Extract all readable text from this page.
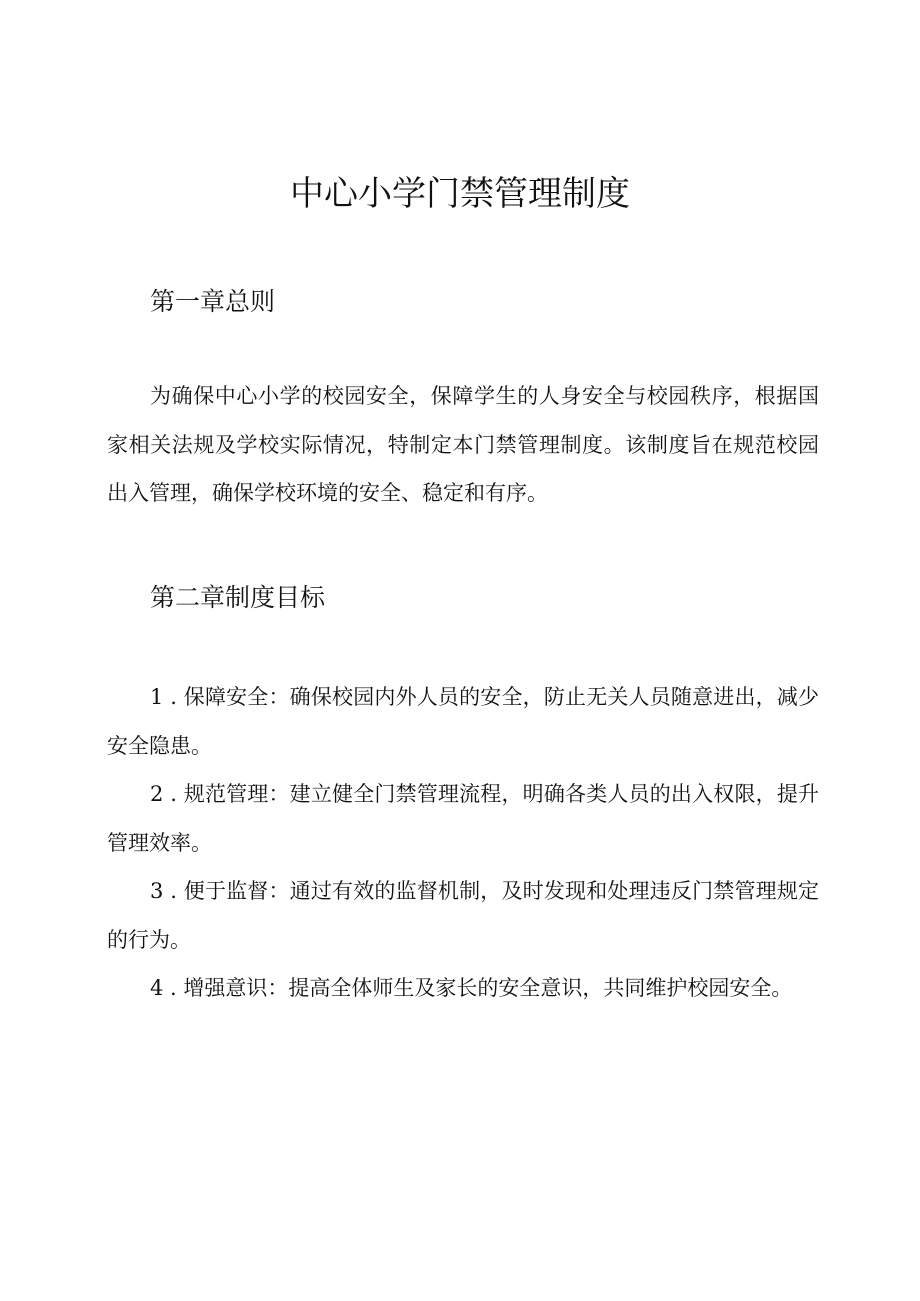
中心小学门禁管理制度
第一章总则

为确保中心小学的校园安全，保障学生的人身安全与校园秩序，根据国家相关法规及学校实际情况，特制定本门禁管理制度。该制度旨在规范校园出入管理，确保学校环境的安全、稳定和有序。

第二章制度目标

1 . 保障安全：确保校园内外人员的安全，防止无关人员随意进出，减少安全隐患。

2 . 规范管理：建立健全门禁管理流程，明确各类人员的出入权限，提升管理效率。

3 . 便于监督：通过有效的监督机制，及时发现和处理违反门禁管理规定的行为。

4 . 增强意识：提高全体师生及家长的安全意识，共同维护校园安全。
